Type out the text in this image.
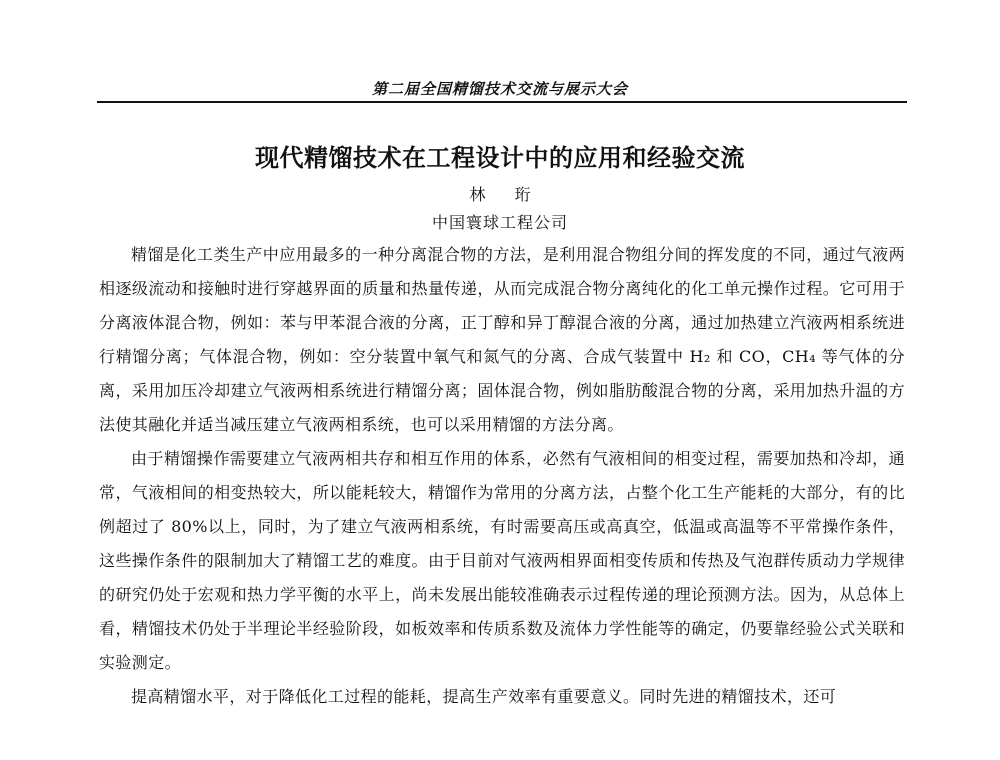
第二届全国精馏技术交流与展示大会
现代精馏技术在工程设计中的应用和经验交流
林 珩
中国寰球工程公司

精馏是化工类生产中应用最多的一种分离混合物的方法，是利用混合物组分间的挥发度的不同，通过气液两相逐级流动和接触时进行穿越界面的质量和热量传递，从而完成混合物分离纯化的化工单元操作过程。它可用于分离液体混合物，例如：苯与甲苯混合液的分离，正丁醇和异丁醇混合液的分离，通过加热建立汽液两相系统进行精馏分离；气体混合物，例如：空分装置中氧气和氮气的分离、合成气装置中 H₂ 和 CO，CH₄ 等气体的分离，采用加压冷却建立气液两相系统进行精馏分离；固体混合物，例如脂肪酸混合物的分离，采用加热升温的方法使其融化并适当减压建立气液两相系统，也可以采用精馏的方法分离。

由于精馏操作需要建立气液两相共存和相互作用的体系，必然有气液相间的相变过程，需要加热和冷却，通常，气液相间的相变热较大，所以能耗较大，精馏作为常用的分离方法，占整个化工生产能耗的大部分，有的比例超过了 80%以上，同时，为了建立气液两相系统，有时需要高压或高真空，低温或高温等不平常操作条件，这些操作条件的限制加大了精馏工艺的难度。由于目前对气液两相界面相变传质和传热及气泡群传质动力学规律的研究仍处于宏观和热力学平衡的水平上，尚未发展出能较准确表示过程传递的理论预测方法。因为，从总体上看，精馏技术仍处于半理论半经验阶段，如板效率和传质系数及流体力学性能等的确定，仍要靠经验公式关联和实验测定。

提高精馏水平，对于降低化工过程的能耗，提高生产效率有重要意义。同时先进的精馏技术，还可
